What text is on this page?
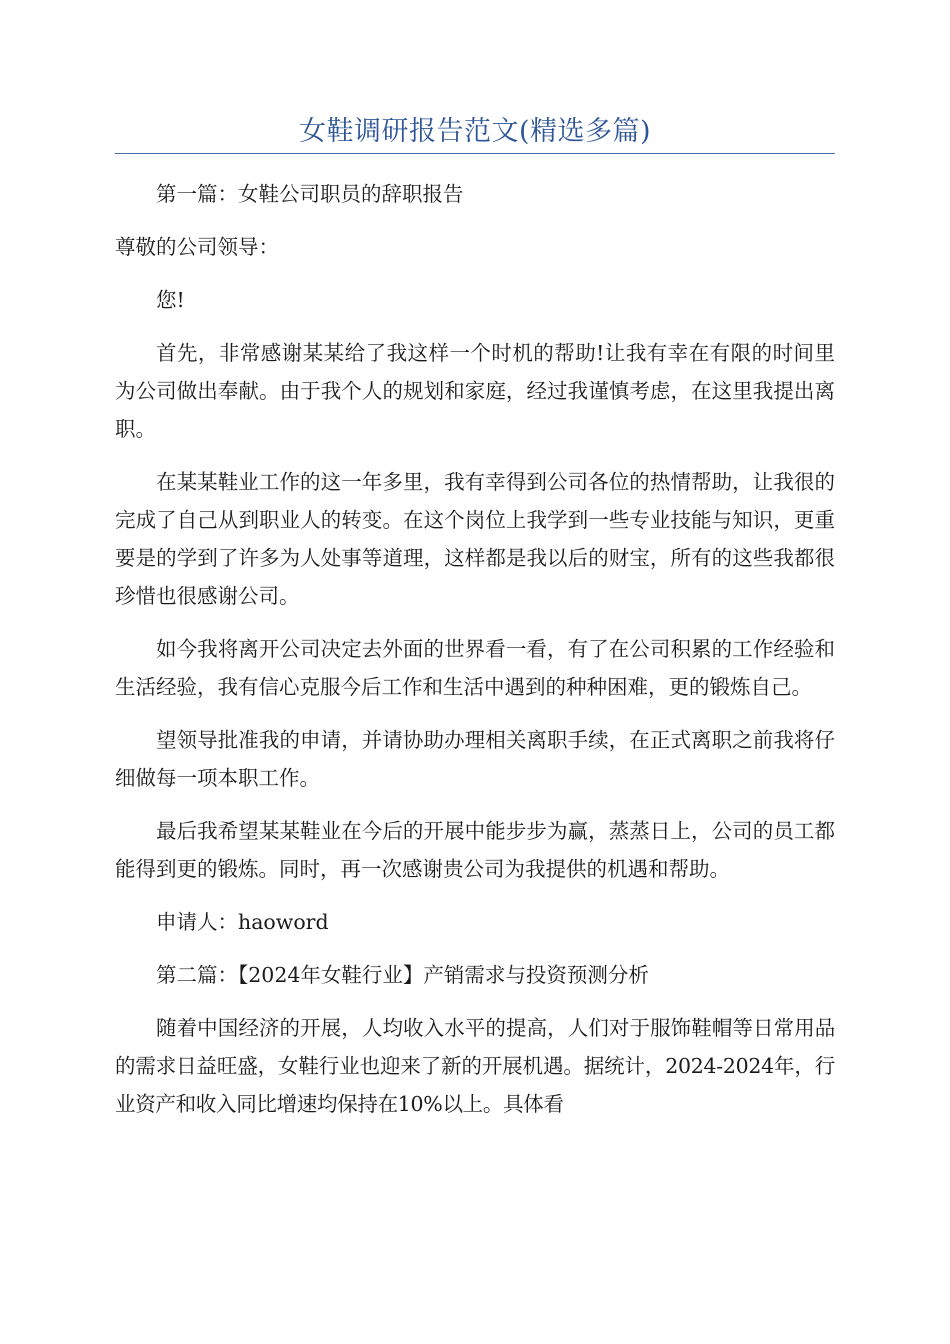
女鞋调研报告范文(精选多篇)

第一篇：女鞋公司职员的辞职报告

尊敬的公司领导：

您!

首先，非常感谢某某给了我这样一个时机的帮助!让我有幸在有限的时间里为公司做出奉献。由于我个人的规划和家庭，经过我谨慎考虑，在这里我提出离职。

在某某鞋业工作的这一年多里，我有幸得到公司各位的热情帮助，让我很的完成了自己从到职业人的转变。在这个岗位上我学到一些专业技能与知识，更重要是的学到了许多为人处事等道理，这样都是我以后的财宝，所有的这些我都很珍惜也很感谢公司。

如今我将离开公司决定去外面的世界看一看，有了在公司积累的工作经验和生活经验，我有信心克服今后工作和生活中遇到的种种困难，更的锻炼自己。

望领导批准我的申请，并请协助办理相关离职手续，在正式离职之前我将仔细做每一项本职工作。

最后我希望某某鞋业在今后的开展中能步步为赢，蒸蒸日上，公司的员工都能得到更的锻炼。同时，再一次感谢贵公司为我提供的机遇和帮助。

申请人：haoword

第二篇：【2024年女鞋行业】产销需求与投资预测分析

随着中国经济的开展，人均收入水平的提高，人们对于服饰鞋帽等日常用品的需求日益旺盛，女鞋行业也迎来了新的开展机遇。据统计，2024-2024年，行业资产和收入同比增速均保持在10%以上。具体看
